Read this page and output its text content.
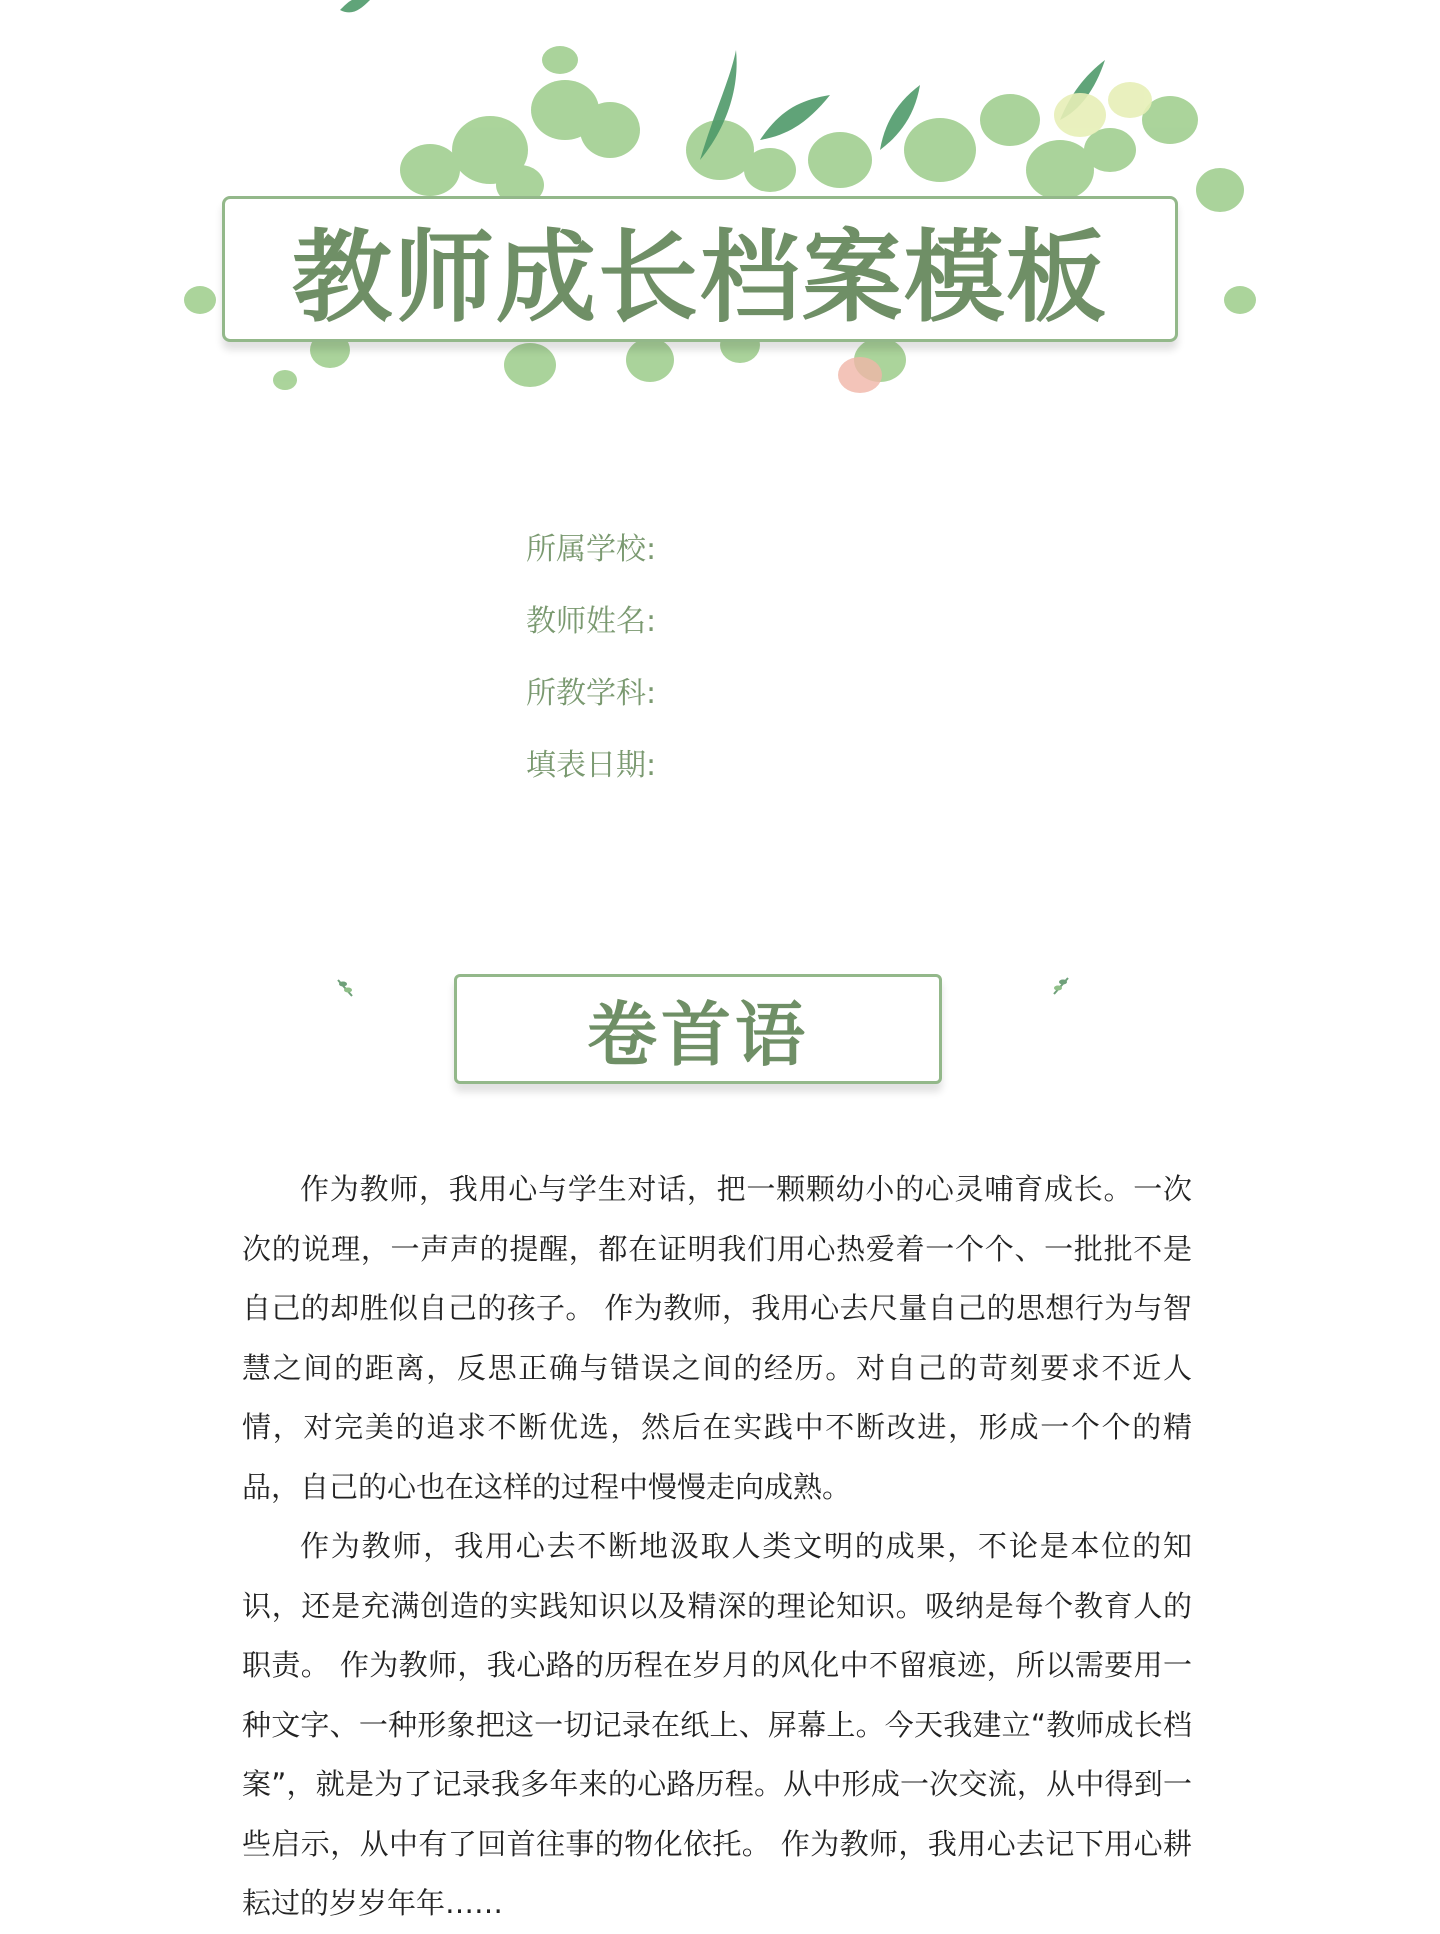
教师成长档案模板
所属学校:
教师姓名:
所教学科:
填表日期:
卷首语

作为教师，我用心与学生对话，把一颗颗幼小的心灵哺育成长。一次次的说理，一声声的提醒，都在证明我们用心热爱着一个个、一批批不是自己的却胜似自己的孩子。 作为教师，我用心去尺量自己的思想行为与智慧之间的距离，反思正确与错误之间的经历。对自己的苛刻要求不近人情，对完美的追求不断优选，然后在实践中不断改进，形成一个个的精品，自己的心也在这样的过程中慢慢走向成熟。

作为教师，我用心去不断地汲取人类文明的成果，不论是本位的知识，还是充满创造的实践知识以及精深的理论知识。吸纳是每个教育人的职责。 作为教师，我心路的历程在岁月的风化中不留痕迹，所以需要用一种文字、一种形象把这一切记录在纸上、屏幕上。今天我建立“教师成长档案”，就是为了记录我多年来的心路历程。从中形成一次交流，从中得到一些启示，从中有了回首往事的物化依托。 作为教师，我用心去记下用心耕耘过的岁岁年年……
